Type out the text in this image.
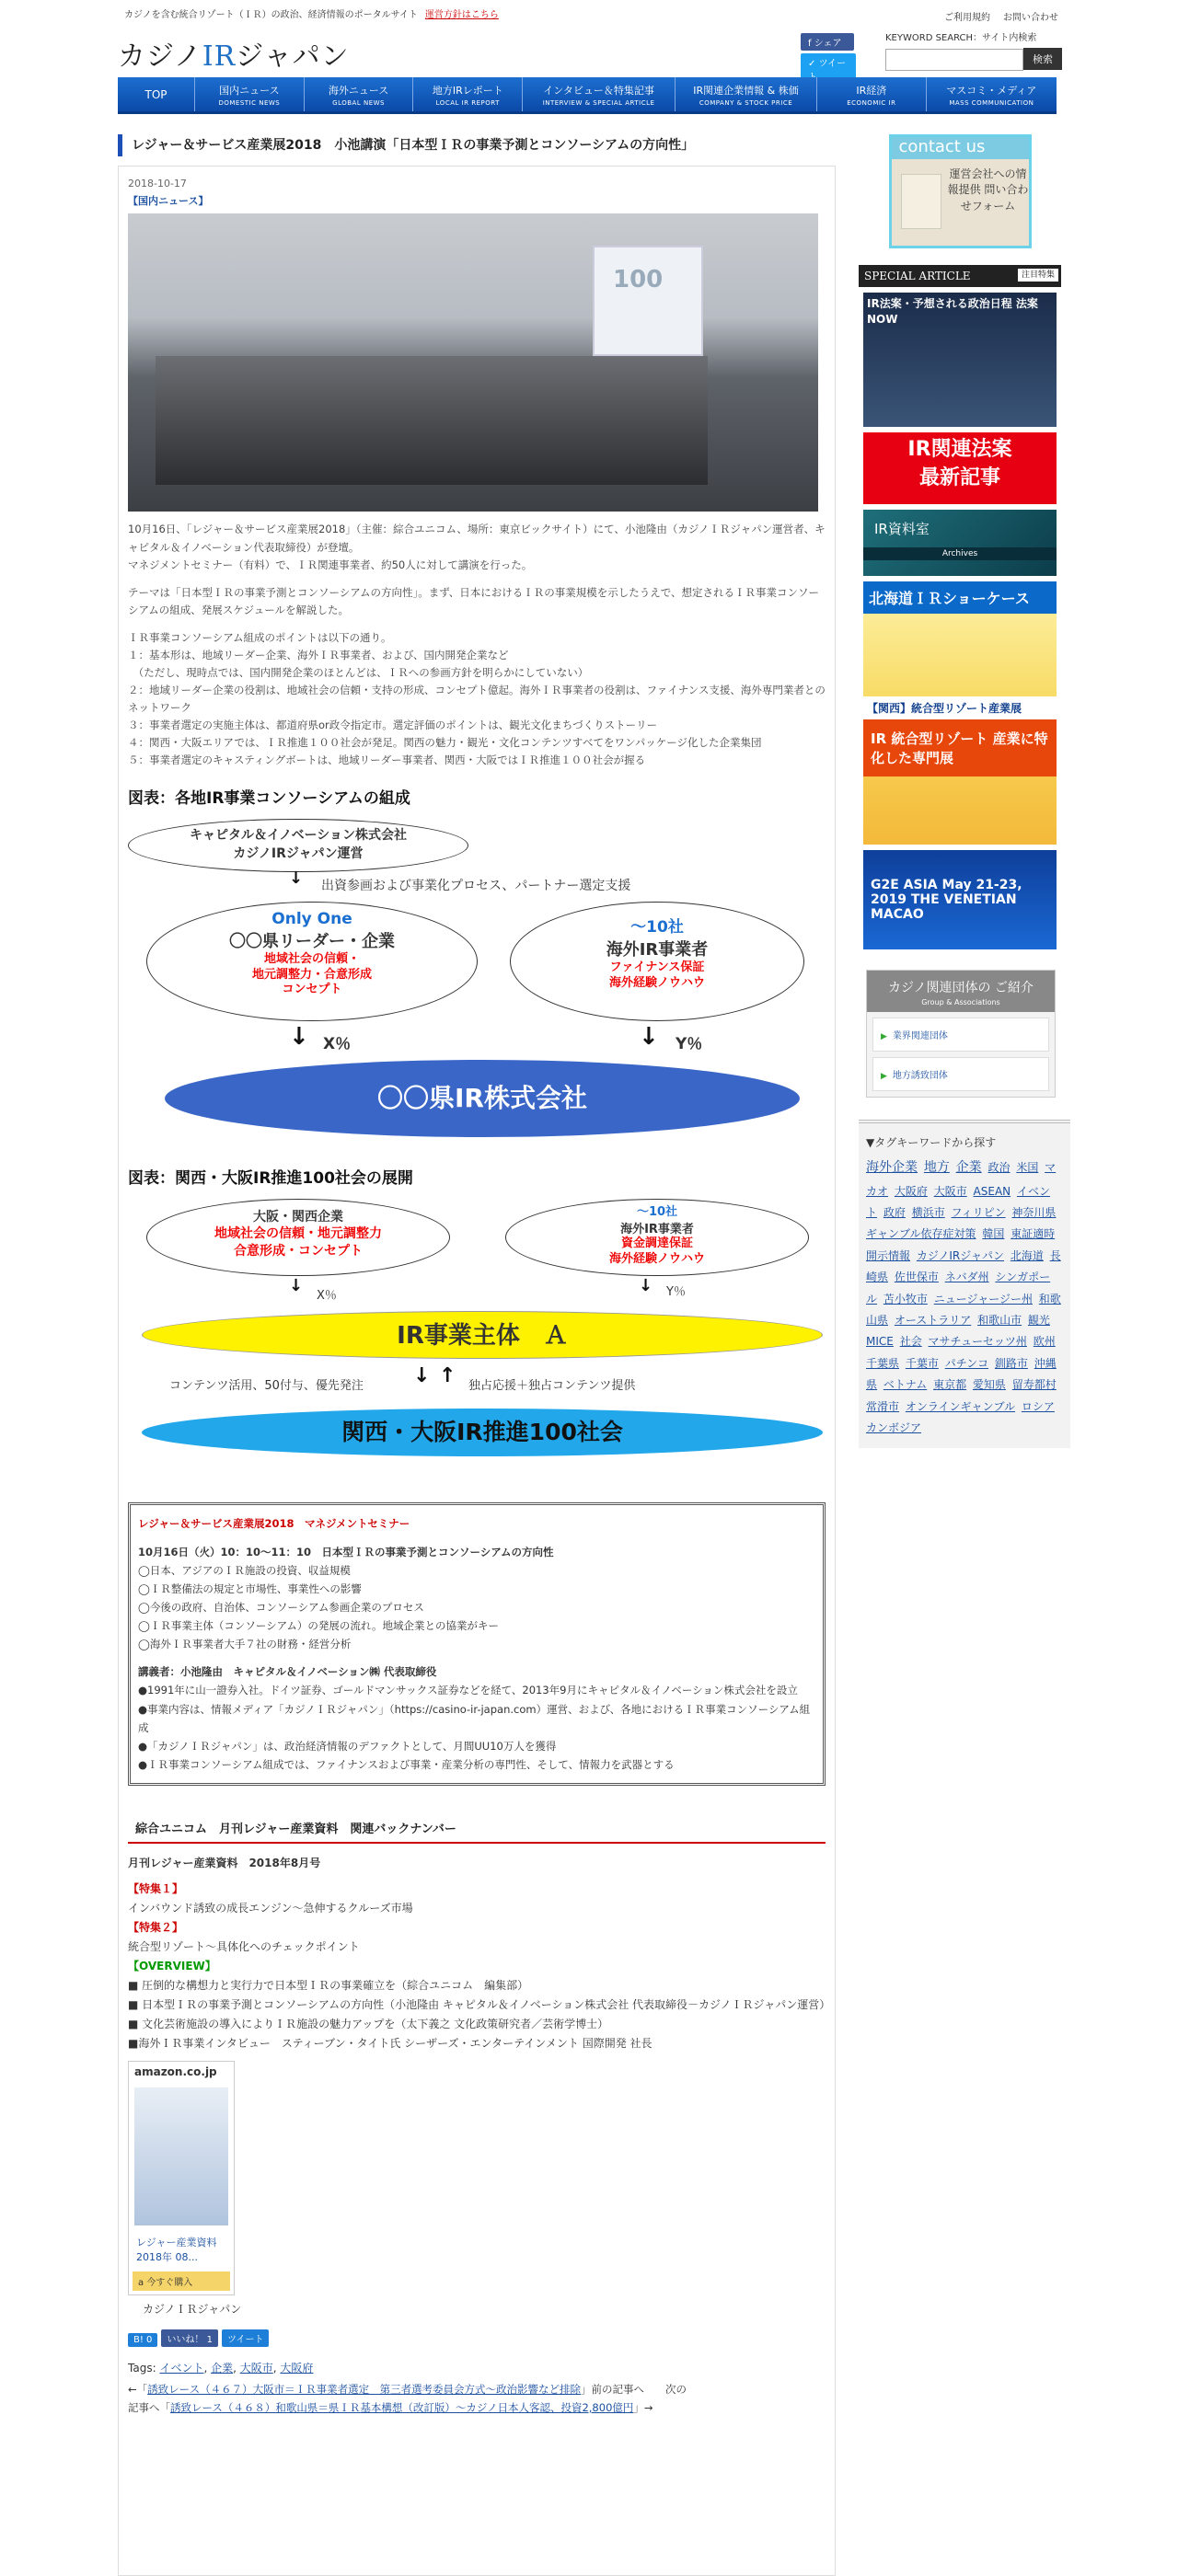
カジノを含む統合リゾート（ＩＲ）の政治、経済情報のポータルサイト 運営方針はこちら
カジノIRジャパン
ご利用規約 お問い合わせ
f シェア
✓ ツイー
KEYWORD SEARCH：サイト内検索
検索
TOP	国内ニュース
DOMESTIC NEWS
海外ニュース
GLOBAL NEWS
地方IRレポート
LOCAL IR REPORT
インタビュー＆特集記事
INTERVIEW & SPECIAL ARTICLE
IR関連企業情報 & 株価
COMPANY & STOCK PRICE
IR経済
ECONOMIC IR
マスコミ・メディア
MASS COMMUNICATION
レジャー＆サービス産業展2018　小池講演「日本型ＩＲの事業予測とコンソーシアムの方向性」
2018-10-17
【国内ニュース】
100
10月16日、「レジャー＆サービス産業展2018」（主催：綜合ユニコム、場所：東京ビックサイト）にて、小池隆由（カジノＩＲジャパン運営者、キャピタル＆イノベーション代表取締役）が登壇。
マネジメントセミナー（有料）で、ＩＲ関連事業者、約50人に対して講演を行った。
テーマは「日本型ＩＲの事業予測とコンソーシアムの方向性」。まず、日本におけるＩＲの事業規模を示したうえで、想定されるＩＲ事業コンソーシアムの組成、発展スケジュールを解説した。
ＩＲ事業コンソーシアム組成のポイントは以下の通り。
１：基本形は、地域リーダー企業、海外ＩＲ事業者、および、国内開発企業など
　（ただし、現時点では、国内開発企業のほとんどは、ＩＲへの参画方針を明らかにしていない）
２：地域リーダー企業の役割は、地域社会の信頼・支持の形成、コンセプト億起。海外ＩＲ事業者の役割は、ファイナンス支援、海外専門業者とのネットワーク
３：事業者選定の実施主体は、都道府県or政令指定市。選定評価のポイントは、観光文化まちづくりストーリー
４：関西・大阪エリアでは、ＩＲ推進１００社会が発足。関西の魅力・観光・文化コンテンツすべてをワンパッケージ化した企業集団
５：事業者選定のキャスティングボートは、地域リーダー事業者、関西・大阪ではＩＲ推進１００社会が握る
図表：各地IR事業コンソーシアムの組成
キャピタル＆イノベーション株式会社
カジノIRジャパン運営
↓ 出資参画および事業化プロセス、パートナー選定支援
Only One
〇〇県リーダー・企業
地域社会の信頼・
地元調整力・合意形成
コンセプト
～10社
海外IR事業者
ファイナンス保証
海外経験ノウハウ
↓ X％	↓ Y％
〇〇県IR株式会社
図表：関西・大阪IR推進100社会の展開
大阪・関西企業
地域社会の信頼・地元調整力
合意形成・コンセプト
～10社
海外IR事業者
資金調達保証
海外経験ノウハウ
↓
X％
↓ Y％
IR事業主体　Ａ
コンテンツ活用、50付与、優先発注 ↓ ↑ 独占応援＋独占コンテンツ提供
関西・大阪IR推進100社会
レジャー＆サービス産業展2018　マネジメントセミナー
10月16日（火）10：10～11：10　日本型ＩＲの事業予測とコンソーシアムの方向性
◯日本、アジアのＩＲ施設の投資、収益規模
◯ＩＲ整備法の規定と市場性、事業性への影響
◯今後の政府、自治体、コンソーシアム参画企業のプロセス
◯ＩＲ事業主体（コンソーシアム）の発展の流れ。地域企業との協業がキー
◯海外ＩＲ事業者大手７社の財務・経営分析
講義者：小池隆由　キャピタル＆イノベーション㈱ 代表取締役
●1991年に山一證券入社。ドイツ証券、ゴールドマンサックス証券などを経て、2013年9月にキャピタル＆イノベーション株式会社を設立
●事業内容は、情報メディア「カジノＩＲジャパン」（https://casino-ir-japan.com）運営、および、各地におけるＩＲ事業コンソーシアム組成
●「カジノＩＲジャパン」は、政治経済情報のデファクトとして、月間UU10万人を獲得
●ＩＲ事業コンソーシアム組成では、ファイナンスおよび事業・産業分析の専門性、そして、情報力を武器とする
綜合ユニコム　月刊レジャー産業資料　関連バックナンバー
月刊レジャー産業資料　2018年8月号
【特集１】
インバウンド誘致の成長エンジン～急伸するクルーズ市場
【特集２】
統合型リゾート～具体化へのチェックポイント
【OVERVIEW】
■ 圧倒的な構想力と実行力で日本型ＩＲの事業確立を（綜合ユニコム　編集部）
■ 日本型ＩＲの事業予測とコンソーシアムの方向性（小池隆由 キャピタル＆イノベーション株式会社 代表取締役－カジノＩＲジャパン運営）
■ 文化芸術施設の導入によりＩＲ施設の魅力アップを（太下義之 文化政策研究者／芸術学博士）
■海外ＩＲ事業インタビュー　スティーブン・タイト氏 シーザーズ・エンターテインメント 国際開発 社長
amazon.co.jp
レジャー産業資料 2018年 08...
a 今すぐ購入
カジノＩＲジャパン
B! 0 いいね！ 1 ツイート
Tags: イベント, 企業, 大阪市, 大阪府
←「誘致レース（４６７）大阪市＝ＩＲ事業者選定　第三者選考委員会方式～政治影響など排除」前の記事へ　　次の
記事へ「誘致レース（４６８）和歌山県＝県ＩＲ基本構想（改訂版）～カジノ日本人客認、投資2,800億円」→
contact us
運営会社への情報提供 問い合わせフォーム
SPECIAL ARTICLE	注目特集
IR法案・予想される政治日程 法案NOW
IR関連法案
最新記事
IR資料室
Archives
北海道ＩＲショーケース
【関西】統合型リゾート産業展
IR 統合型リゾート 産業に特化した専門展
G2E ASIA May 21-23, 2019 THE VENETIAN MACAO
カジノ関連団体の ご紹介
Group & Associations
▶ 業界関連団体
▶ 地方誘致団体
▼タグキーワードから探す
海外企業 地方 企業 政治 米国 マカオ 大阪府 大阪市 ASEAN イベント 政府 横浜市 フィリピン 神奈川県 ギャンブル依存症対策 韓国 東証適時開示情報 カジノIRジャパン 北海道 長崎県 佐世保市 ネバダ州 シンガポール 苫小牧市 ニュージャージー州 和歌山県 オーストラリア 和歌山市 観光MICE 社会 マサチューセッツ州 欧州 千葉県 千葉市 パチンコ 釧路市 沖縄県 ベトナム 東京都 愛知県 留寿都村 常滑市 オンラインギャンブル ロシア カンボジア
